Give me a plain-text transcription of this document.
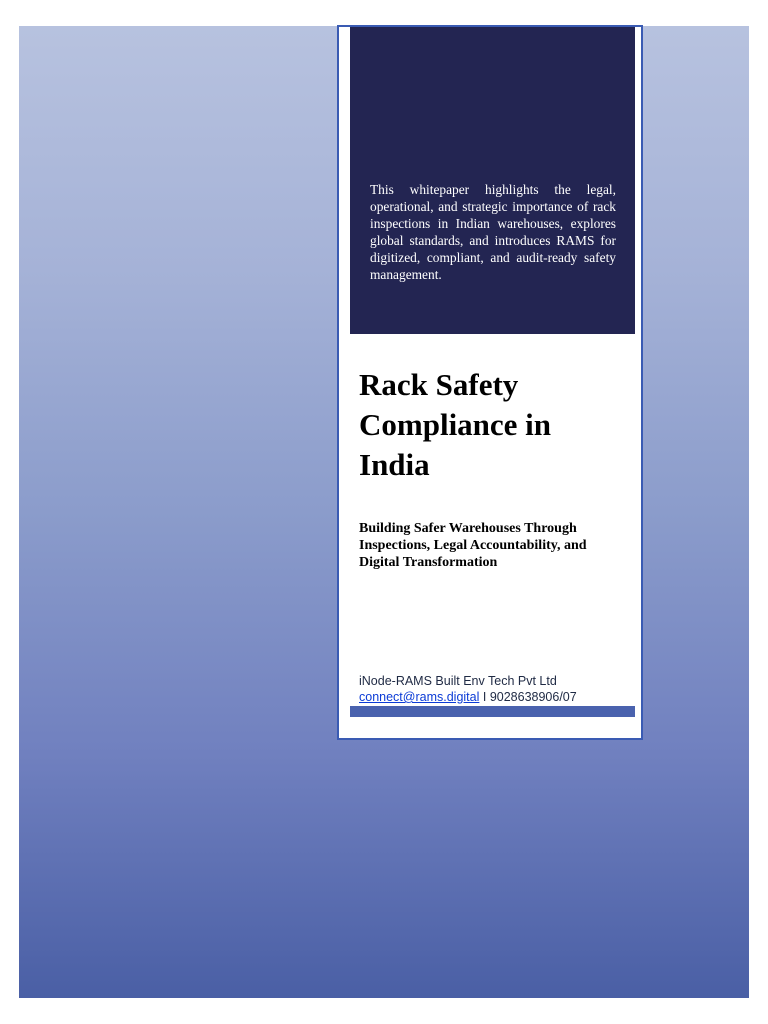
This whitepaper highlights the legal, operational, and strategic importance of rack inspections in Indian warehouses, explores global standards, and introduces RAMS for digitized, compliant, and audit-ready safety management.

Rack Safety Compliance in India

Building Safer Warehouses Through Inspections, Legal Accountability, and Digital Transformation

iNode-RAMS Built Env Tech Pvt Ltd

connect@rams.digital I 9028638906/07
